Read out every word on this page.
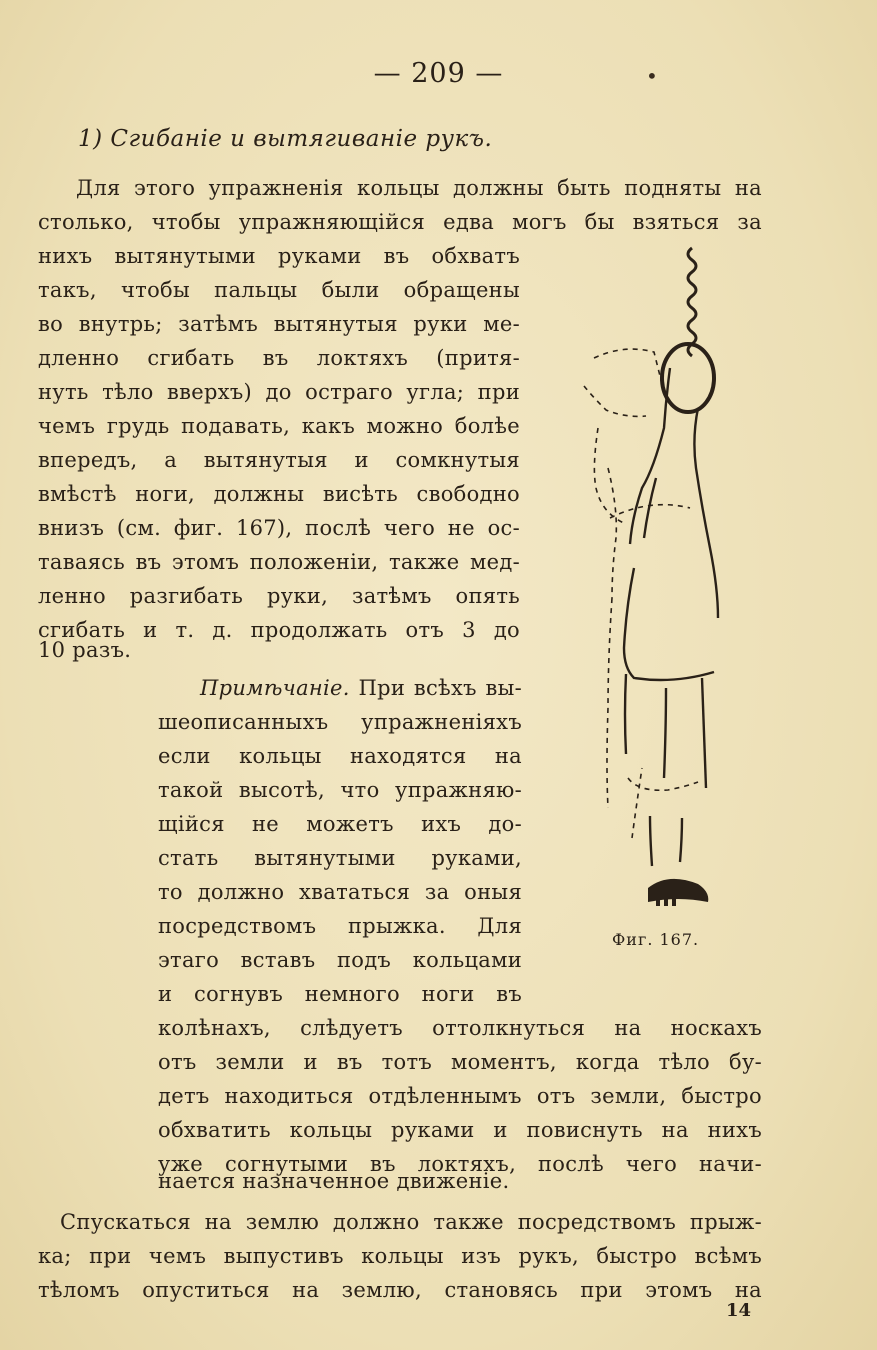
— 209 —	•
1) Сгибаніе и вытягиваніе рукъ.
Для этого упражненія кольцы должны быть подняты на
столько, чтобы упражняющійся едва могъ бы взяться за
нихъ вытянутыми руками въ обхватъ
такъ, чтобы пальцы были обращены
во внутрь; затѣмъ вытянутыя руки ме-
дленно сгибать въ локтяхъ (притя-
нуть тѣло вверхъ) до остраго угла; при
чемъ грудь подавать, какъ можно болѣе
впередъ, а вытянутыя и сомкнутыя
вмѣстѣ ноги, должны висѣть свободно
внизъ (см. фиг. 167), послѣ чего не ос-
таваясь въ этомъ положеніи, также мед-
ленно разгибать руки, затѣмъ опять
сгибать и т. д. продолжать отъ 3 до
10 разъ.
Примѣчаніе. При всѣхъ вы-
шеописанныхъ упражненіяхъ
если кольцы находятся на
такой высотѣ, что упражняю-
щійся не можетъ ихъ до-
стать вытянутыми руками,
то должно хвататься за оныя
посредствомъ прыжка. Для
этаго вставъ подъ кольцами
и согнувъ немного ноги въ
колѣнахъ, слѣдуетъ оттолкнуться на носкахъ
отъ земли и въ тотъ моментъ, когда тѣло бу-
детъ находиться отдѣленнымъ отъ земли, быстро
обхватить кольцы руками и повиснуть на нихъ
уже согнутыми въ локтяхъ, послѣ чего начи-
нается назначенное движеніе.
Спускаться на землю должно также посредствомъ прыж-
ка; при чемъ выпустивъ кольцы изъ рукъ, быстро всѣмъ
тѣломъ опуститься на землю, становясь при этомъ на
Фиг. 167.
14
